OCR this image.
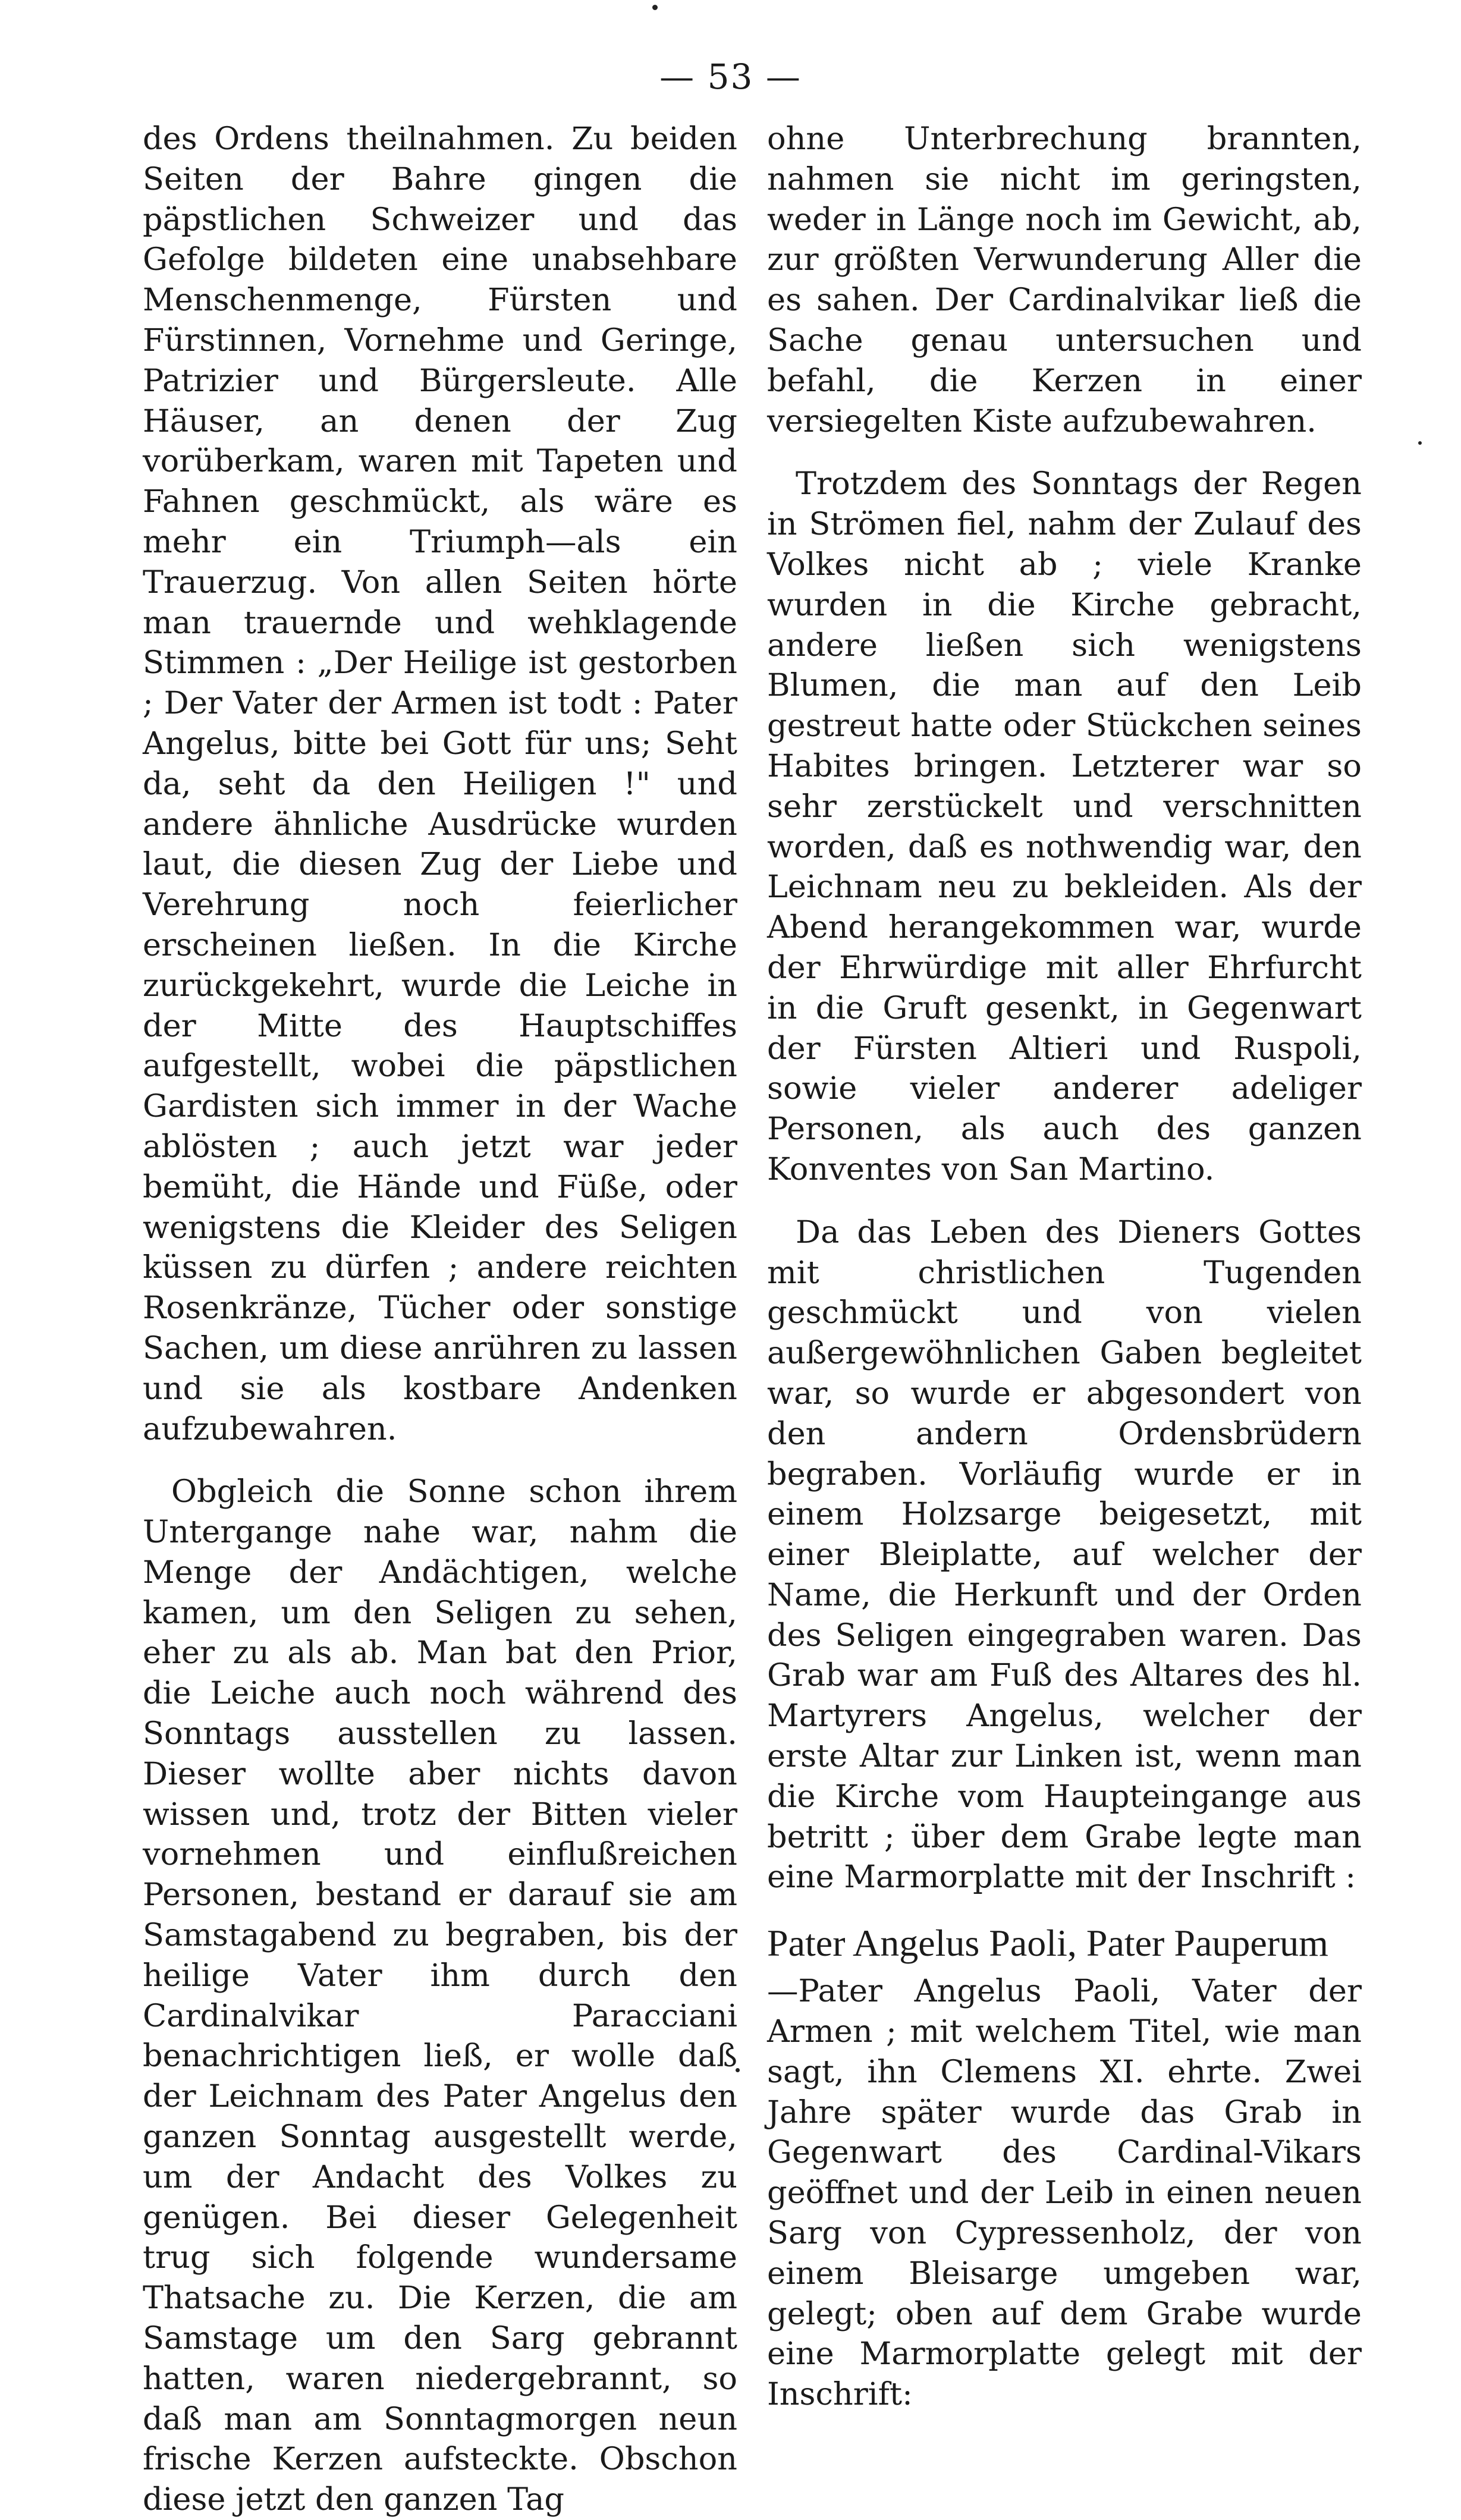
— 53 —

des Ordens theilnahmen. Zu beiden Seiten der Bahre gingen die päpstlichen Schweizer und das Gefolge bildeten eine unabsehbare Menschenmenge, Fürsten und Fürstinnen, Vornehme und Geringe, Patrizier und Bürgersleute. Alle Häuser, an denen der Zug vorüberkam, waren mit Tapeten und Fahnen geschmückt, als wäre es mehr ein Triumph—als ein Trauerzug. Von allen Seiten hörte man trauernde und wehklagende Stimmen : „Der Heilige ist gestorben ; Der Vater der Armen ist todt : Pater Angelus, bitte bei Gott für uns; Seht da, seht da den Heiligen !" und andere ähnliche Ausdrücke wurden laut, die diesen Zug der Liebe und Verehrung noch feierlicher erscheinen ließen. In die Kirche zurückgekehrt, wurde die Leiche in der Mitte des Hauptschiffes aufgestellt, wobei die päpstlichen Gardisten sich immer in der Wache ablösten ; auch jetzt war jeder bemüht, die Hände und Füße, oder wenigstens die Kleider des Seligen küssen zu dürfen ; andere reichten Rosenkränze, Tücher oder sonstige Sachen, um diese anrühren zu lassen und sie als kostbare Andenken aufzubewahren.

Obgleich die Sonne schon ihrem Untergange nahe war, nahm die Menge der Andächtigen, welche kamen, um den Seligen zu sehen, eher zu als ab. Man bat den Prior, die Leiche auch noch während des Sonntags ausstellen zu lassen. Dieser wollte aber nichts davon wissen und, trotz der Bitten vieler vornehmen und einflußreichen Personen, bestand er darauf sie am Samstagabend zu begraben, bis der heilige Vater ihm durch den Cardinalvikar Paracciani benachrichtigen ließ, er wolle daß der Leichnam des Pater Angelus den ganzen Sonntag ausgestellt werde, um der Andacht des Volkes zu genügen. Bei dieser Gelegenheit trug sich folgende wundersame Thatsache zu. Die Kerzen, die am Samstage um den Sarg gebrannt hatten, waren niedergebrannt, so daß man am Sonntagmorgen neun frische Kerzen aufsteckte. Obschon diese jetzt den ganzen Tag

ohne Unterbrechung brannten, nahmen sie nicht im geringsten, weder in Länge noch im Gewicht, ab, zur größten Verwunderung Aller die es sahen. Der Cardinalvikar ließ die Sache genau untersuchen und befahl, die Kerzen in einer versiegelten Kiste aufzubewahren.

Trotzdem des Sonntags der Regen in Strömen fiel, nahm der Zulauf des Volkes nicht ab ; viele Kranke wurden in die Kirche gebracht, andere ließen sich wenigstens Blumen, die man auf den Leib gestreut hatte oder Stückchen seines Habites bringen. Letzterer war so sehr zerstückelt und verschnitten worden, daß es nothwendig war, den Leichnam neu zu bekleiden. Als der Abend herangekommen war, wurde der Ehrwürdige mit aller Ehrfurcht in die Gruft gesenkt, in Gegenwart der Fürsten Altieri und Ruspoli, sowie vieler anderer adeliger Personen, als auch des ganzen Konventes von San Martino.

Da das Leben des Dieners Gottes mit christlichen Tugenden geschmückt und von vielen außergewöhnlichen Gaben begleitet war, so wurde er abgesondert von den andern Ordensbrüdern begraben. Vorläufig wurde er in einem Holzsarge beigesetzt, mit einer Bleiplatte, auf welcher der Name, die Herkunft und der Orden des Seligen eingegraben waren. Das Grab war am Fuß des Altares des hl. Martyrers Angelus, welcher der erste Altar zur Linken ist, wenn man die Kirche vom Haupteingange aus betritt ; über dem Grabe legte man eine Marmorplatte mit der Inschrift :

Pater Angelus Paoli, Pater Pauperum

—Pater Angelus Paoli, Vater der Armen ; mit welchem Titel, wie man sagt, ihn Clemens XI. ehrte. Zwei Jahre später wurde das Grab in Gegenwart des Cardinal-Vikars geöffnet und der Leib in einen neuen Sarg von Cypressenholz, der von einem Bleisarge umgeben war, gelegt; oben auf dem Grabe wurde eine Marmorplatte gelegt mit der Inschrift:
